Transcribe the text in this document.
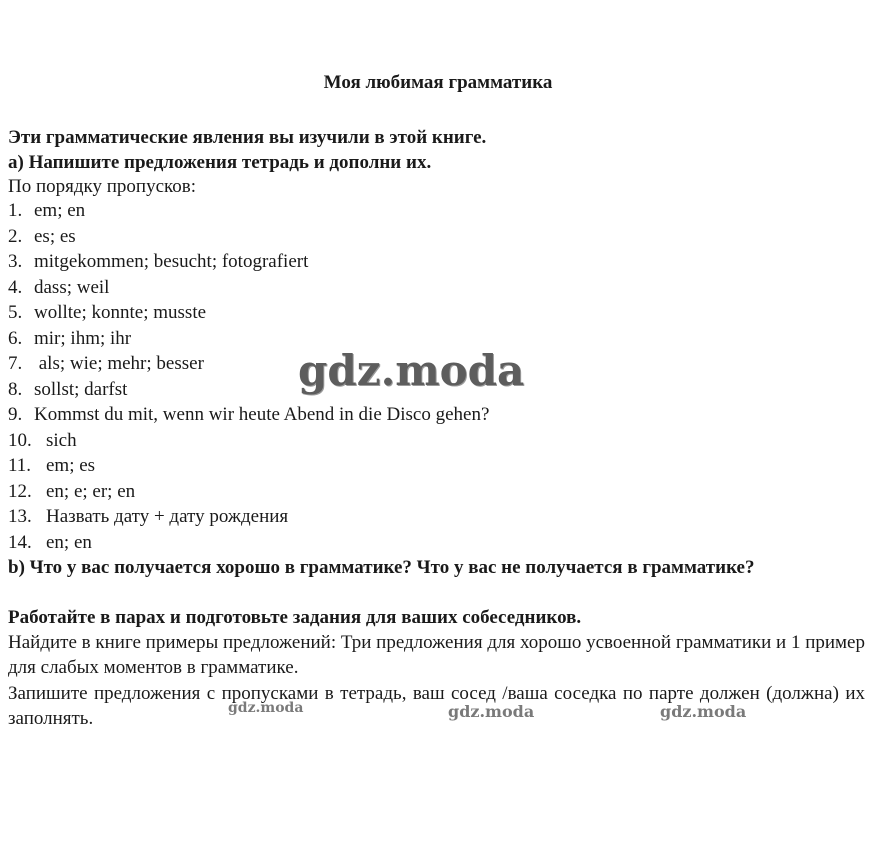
Моя любимая грамматика
Эти грамматические явления вы изучили в этой книге.
a) Напишите предложения тетрадь и дополни их.
По порядку пропусков:
1. em; en
2. es; es
3. mitgekommen; besucht; fotografiert
4. dass; weil
5. wollte; konnte; musste
6. mir; ihm; ihr
7. als; wie; mehr; besser
8. sollst; darfst
9. Kommst du mit, wenn wir heute Abend in die Disco gehen?
10. sich
11. em; es
12. en; e; er; en
13. Назвать дату + дату рождения
14. en; en
b) Что у вас получается хорошо в грамматике? Что у вас не получается в грамматике?
Работайте в парах и подготовьте задания для ваших собеседников.
Найдите в книге примеры предложений: Три предложения для хорошо усвоенной грамматики и 1 пример для слабых моментов в грамматике.
Запишите предложения с пропусками в тетрадь, ваш сосед /ваша соседка по парте должен (должна) их заполнять.
gdz.moda
gdz.moda	gdz.moda	gdz.moda
